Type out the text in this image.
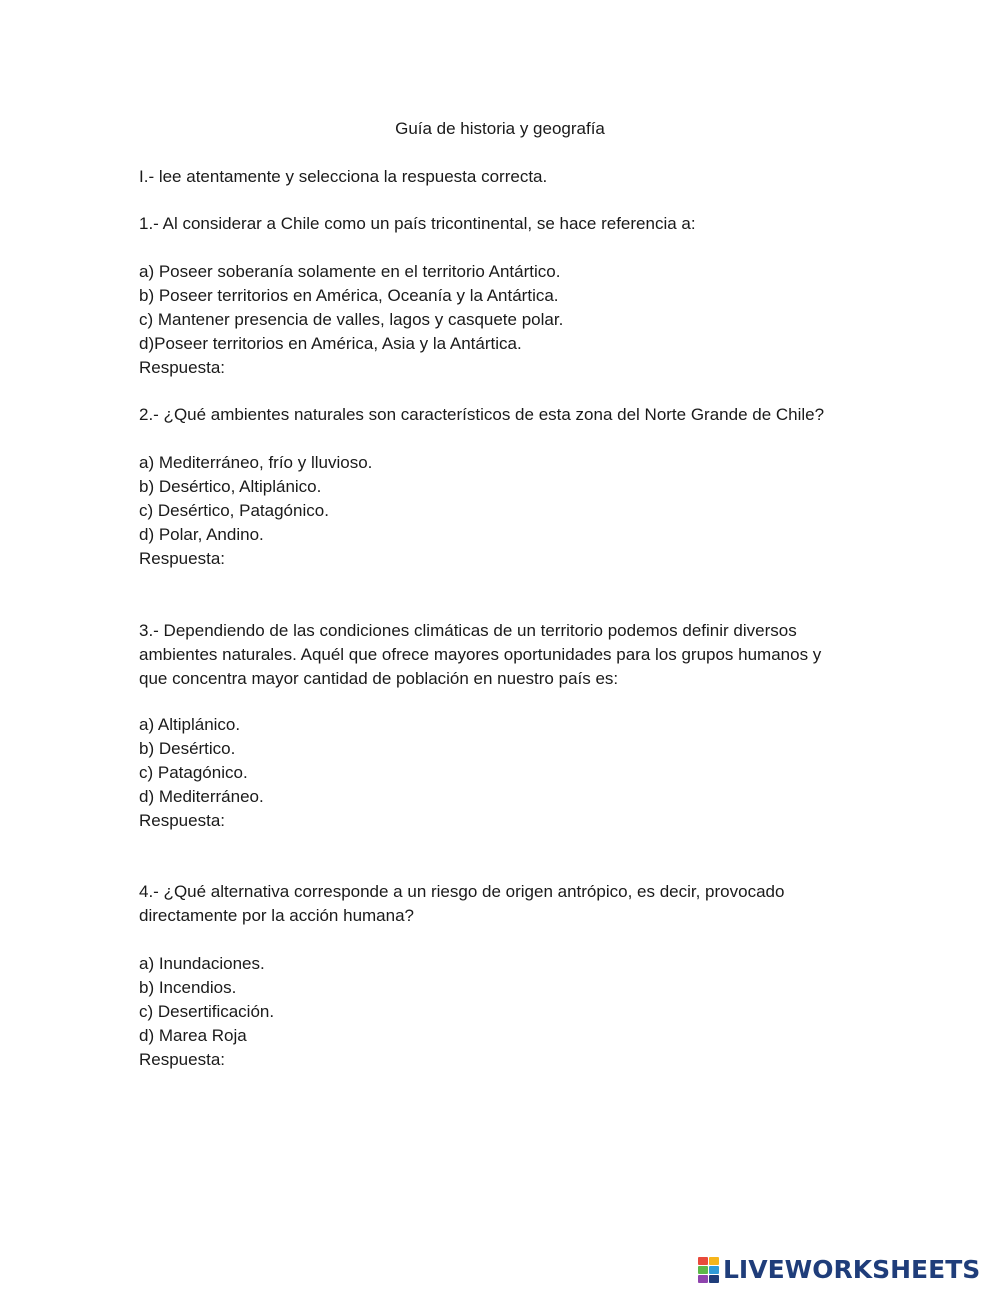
Guía de historia y geografía
I.- lee atentamente y selecciona la respuesta correcta.
1.- Al considerar a Chile como un país tricontinental, se hace referencia a:
a) Poseer soberanía solamente en el territorio Antártico.
b) Poseer territorios en América, Oceanía y la Antártica.
c) Mantener presencia de valles, lagos y casquete polar.
d)Poseer territorios en América, Asia y la Antártica.
Respuesta:
2.- ¿Qué ambientes naturales son característicos de esta zona del Norte Grande de Chile?
a) Mediterráneo, frío y lluvioso.
b) Desértico, Altiplánico.
c) Desértico, Patagónico.
d) Polar, Andino.
Respuesta:
3.- Dependiendo de las condiciones climáticas de un territorio podemos definir diversos
ambientes naturales. Aquél que ofrece mayores oportunidades para los grupos humanos y
que concentra mayor cantidad de población en nuestro país es:
a) Altiplánico.
b) Desértico.
c) Patagónico.
d) Mediterráneo.
Respuesta:
4.- ¿Qué alternativa corresponde a un riesgo de origen antrópico, es decir, provocado
directamente por la acción humana?
a) Inundaciones.
b) Incendios.
c) Desertificación.
d) Marea Roja
Respuesta:
LIVEWORKSHEETS
